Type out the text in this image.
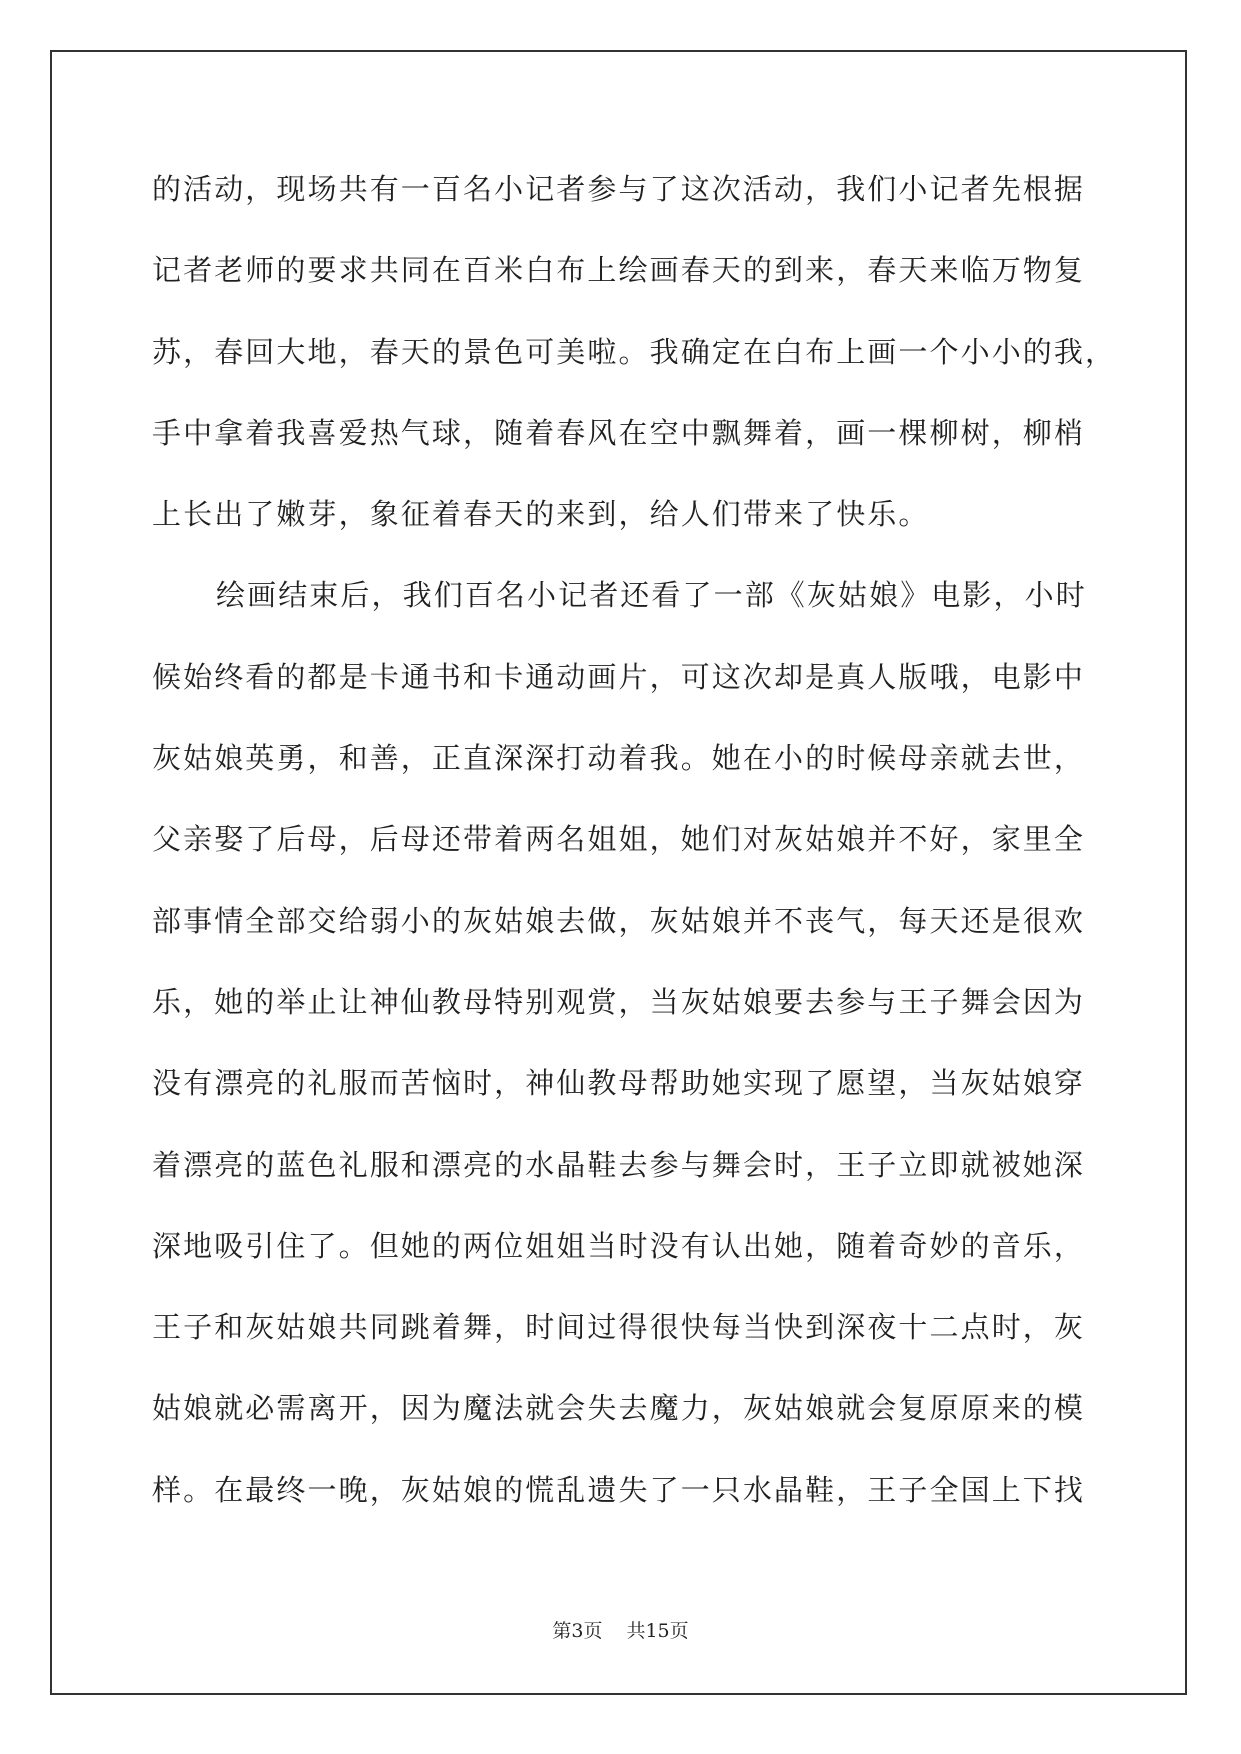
的活动，现场共有一百名小记者参与了这次活动，我们小记者先根据
记者老师的要求共同在百米白布上绘画春天的到来，春天来临万物复
苏，春回大地，春天的景色可美啦。我确定在白布上画一个小小的我，
手中拿着我喜爱热气球，随着春风在空中飘舞着，画一棵柳树，柳梢
上长出了嫩芽，象征着春天的来到，给人们带来了快乐。
绘画结束后，我们百名小记者还看了一部《灰姑娘》电影，小时
候始终看的都是卡通书和卡通动画片，可这次却是真人版哦，电影中
灰姑娘英勇，和善，正直深深打动着我。她在小的时候母亲就去世，
父亲娶了后母，后母还带着两名姐姐，她们对灰姑娘并不好，家里全
部事情全部交给弱小的灰姑娘去做，灰姑娘并不丧气，每天还是很欢
乐，她的举止让神仙教母特别观赏，当灰姑娘要去参与王子舞会因为
没有漂亮的礼服而苦恼时，神仙教母帮助她实现了愿望，当灰姑娘穿
着漂亮的蓝色礼服和漂亮的水晶鞋去参与舞会时，王子立即就被她深
深地吸引住了。但她的两位姐姐当时没有认出她，随着奇妙的音乐，
王子和灰姑娘共同跳着舞，时间过得很快每当快到深夜十二点时，灰
姑娘就必需离开，因为魔法就会失去魔力，灰姑娘就会复原原来的模
样。在最终一晚，灰姑娘的慌乱遗失了一只水晶鞋，王子全国上下找
第3页 共15页
